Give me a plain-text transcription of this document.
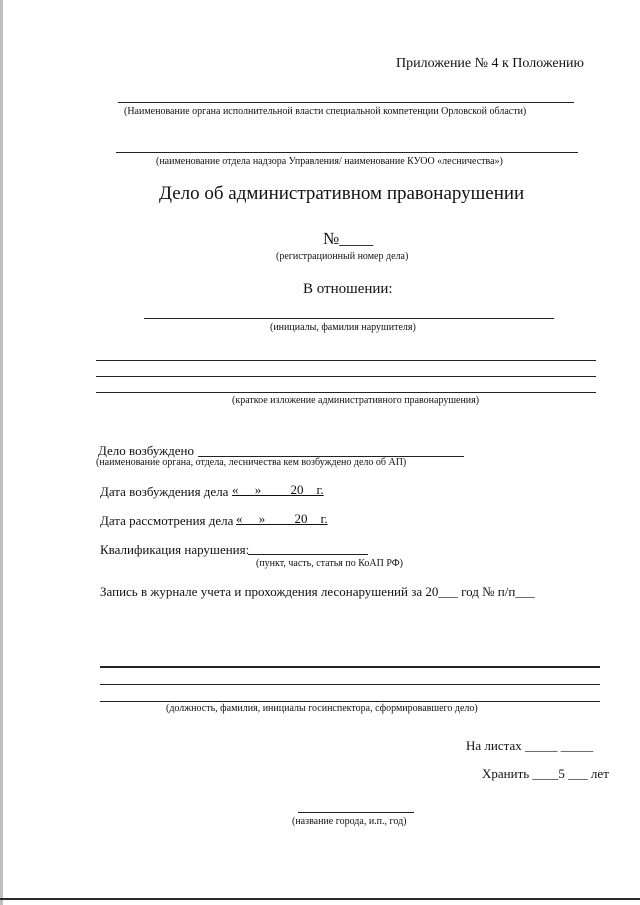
Приложение № 4 к Положению
(Наименование органа исполнительной власти специальной компетенции Орловской области)
(наименование отдела надзора Управления/ наименование КУОО «лесничества»)
Дело об административном правонарушении
№____
(регистрационный номер дела)
В отношении:
(инициалы, фамилия нарушителя)
(краткое изложение административного правонарушения)
Дело возбуждено
(наименование органа, отдела, лесничества кем возбуждено дело об АП)
Дата возбуждения дела «     »         20    г.
Дата рассмотрения дела «     »         20    г.
Квалификация нарушения:
(пункт, часть, статья по КоАП РФ)
Запись в журнале учета и прохождения лесонарушений за 20___ год № п/п___
(должность, фамилия, инициалы госинспектора, сформировавшего дело)
На листах _____ _____
Хранить ____5 ___ лет
(название города, и.п., год)
